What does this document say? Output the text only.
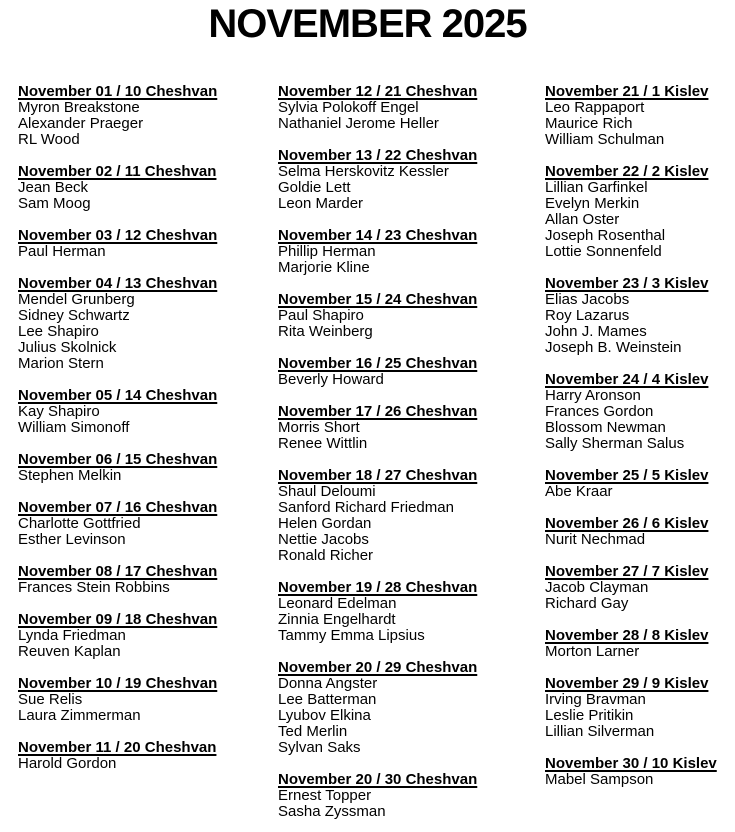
NOVEMBER 2025
November 01 / 10 Cheshvan
Myron Breakstone
Alexander Praeger
RL Wood
November 02 / 11 Cheshvan
Jean Beck
Sam Moog
November 03 / 12 Cheshvan
Paul Herman
November 04 / 13 Cheshvan
Mendel Grunberg
Sidney Schwartz
Lee Shapiro
Julius Skolnick
Marion Stern
November 05 / 14 Cheshvan
Kay Shapiro
William Simonoff
November 06 / 15 Cheshvan
Stephen Melkin
November 07 / 16 Cheshvan
Charlotte Gottfried
Esther Levinson
November 08 / 17 Cheshvan
Frances Stein Robbins
November 09 / 18 Cheshvan
Lynda Friedman
Reuven Kaplan
November 10 / 19 Cheshvan
Sue Relis
Laura Zimmerman
November 11 / 20 Cheshvan
Harold Gordon
November 12 / 21 Cheshvan
Sylvia Polokoff Engel
Nathaniel Jerome Heller
November 13 / 22 Cheshvan
Selma Herskovitz Kessler
Goldie Lett
Leon Marder
November 14 / 23 Cheshvan
Phillip Herman
Marjorie Kline
November 15 / 24 Cheshvan
Paul Shapiro
Rita Weinberg
November 16 / 25 Cheshvan
Beverly Howard
November 17 / 26 Cheshvan
Morris Short
Renee Wittlin
November 18 / 27 Cheshvan
Shaul Deloumi
Sanford Richard Friedman
Helen Gordan
Nettie Jacobs
Ronald Richer
November 19 / 28 Cheshvan
Leonard Edelman
Zinnia Engelhardt
Tammy Emma Lipsius
November 20 / 29 Cheshvan
Donna Angster
Lee Batterman
Lyubov Elkina
Ted Merlin
Sylvan Saks
November 20 / 30 Cheshvan
Ernest Topper
Sasha Zyssman
November 21 / 1 Kislev
Leo Rappaport
Maurice Rich
William Schulman
November 22 / 2 Kislev
Lillian Garfinkel
Evelyn Merkin
Allan Oster
Joseph Rosenthal
Lottie Sonnenfeld
November 23 / 3 Kislev
Elias Jacobs
Roy Lazarus
John J. Mames
Joseph B. Weinstein
November 24 / 4 Kislev
Harry Aronson
Frances Gordon
Blossom Newman
Sally Sherman Salus
November 25 / 5 Kislev
Abe Kraar
November 26 / 6 Kislev
Nurit Nechmad
November 27 / 7 Kislev
Jacob Clayman
Richard Gay
November 28 / 8 Kislev
Morton Larner
November 29 / 9 Kislev
Irving Bravman
Leslie Pritikin
Lillian Silverman
November 30 / 10 Kislev
Mabel Sampson
